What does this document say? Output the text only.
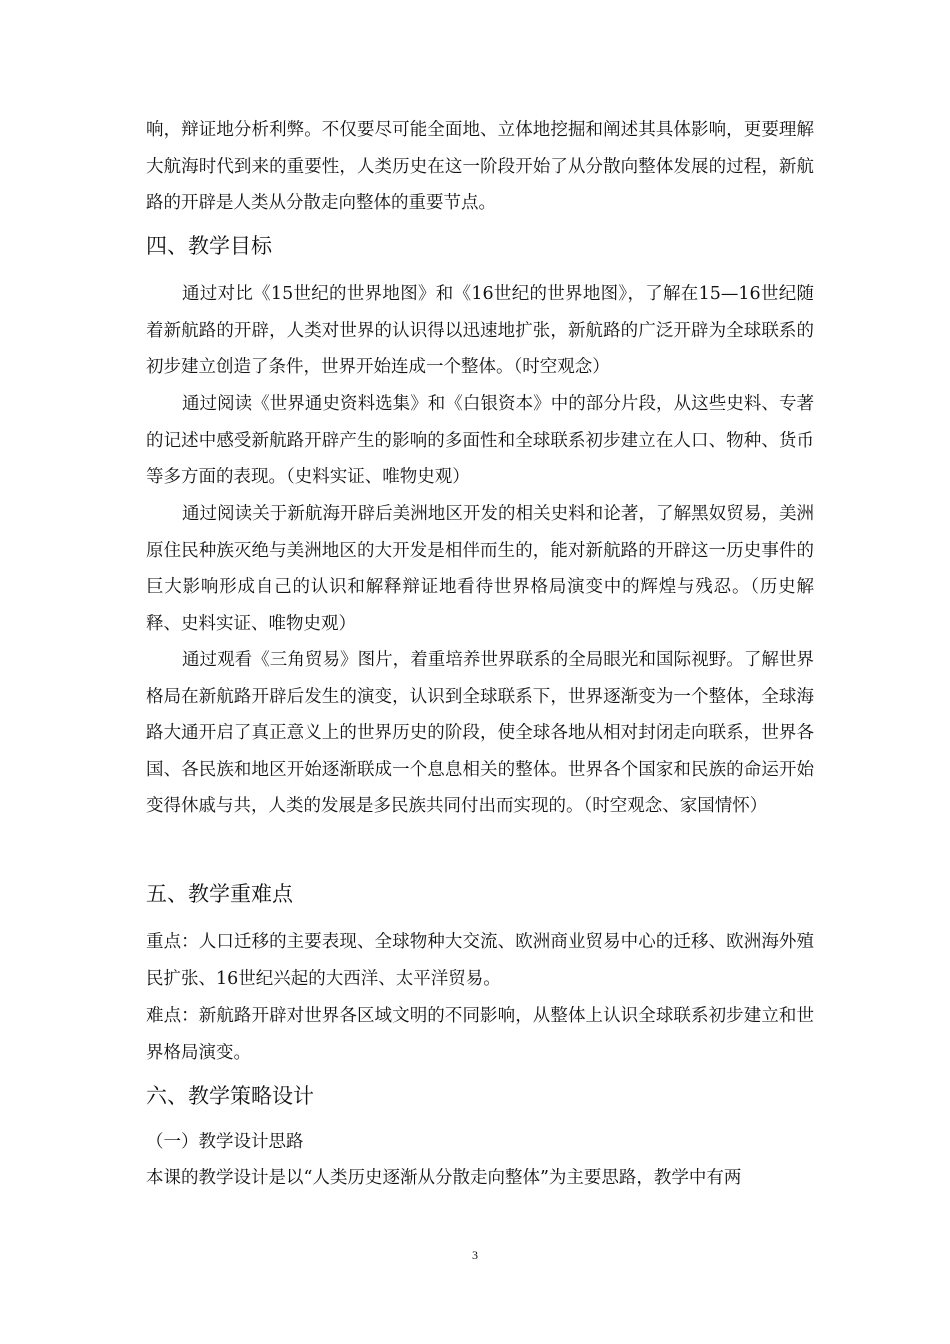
响，辩证地分析利弊。不仅要尽可能全面地、立体地挖掘和阐述其具体影响，更要理解大航海时代到来的重要性，人类历史在这一阶段开始了从分散向整体发展的过程，新航路的开辟是人类从分散走向整体的重要节点。

四、教学目标

通过对比《15世纪的世界地图》和《16世纪的世界地图》，了解在15—16世纪随着新航路的开辟，人类对世界的认识得以迅速地扩张，新航路的广泛开辟为全球联系的初步建立创造了条件，世界开始连成一个整体。（时空观念）

通过阅读《世界通史资料选集》和《白银资本》中的部分片段，从这些史料、专著的记述中感受新航路开辟产生的影响的多面性和全球联系初步建立在人口、物种、货币等多方面的表现。（史料实证、唯物史观）

通过阅读关于新航海开辟后美洲地区开发的相关史料和论著，了解黑奴贸易，美洲原住民种族灭绝与美洲地区的大开发是相伴而生的，能对新航路的开辟这一历史事件的巨大影响形成自己的认识和解释辩证地看待世界格局演变中的辉煌与残忍。（历史解释、史料实证、唯物史观）

通过观看《三角贸易》图片，着重培养世界联系的全局眼光和国际视野。了解世界格局在新航路开辟后发生的演变，认识到全球联系下，世界逐渐变为一个整体，全球海路大通开启了真正意义上的世界历史的阶段，使全球各地从相对封闭走向联系，世界各国、各民族和地区开始逐渐联成一个息息相关的整体。世界各个国家和民族的命运开始变得休戚与共，人类的发展是多民族共同付出而实现的。（时空观念、家国情怀）

五、教学重难点

重点：人口迁移的主要表现、全球物种大交流、欧洲商业贸易中心的迁移、欧洲海外殖民扩张、16世纪兴起的大西洋、太平洋贸易。

难点：新航路开辟对世界各区域文明的不同影响，从整体上认识全球联系初步建立和世界格局演变。

六、教学策略设计

（一）教学设计思路

本课的教学设计是以“人类历史逐渐从分散走向整体”为主要思路，教学中有两

3
